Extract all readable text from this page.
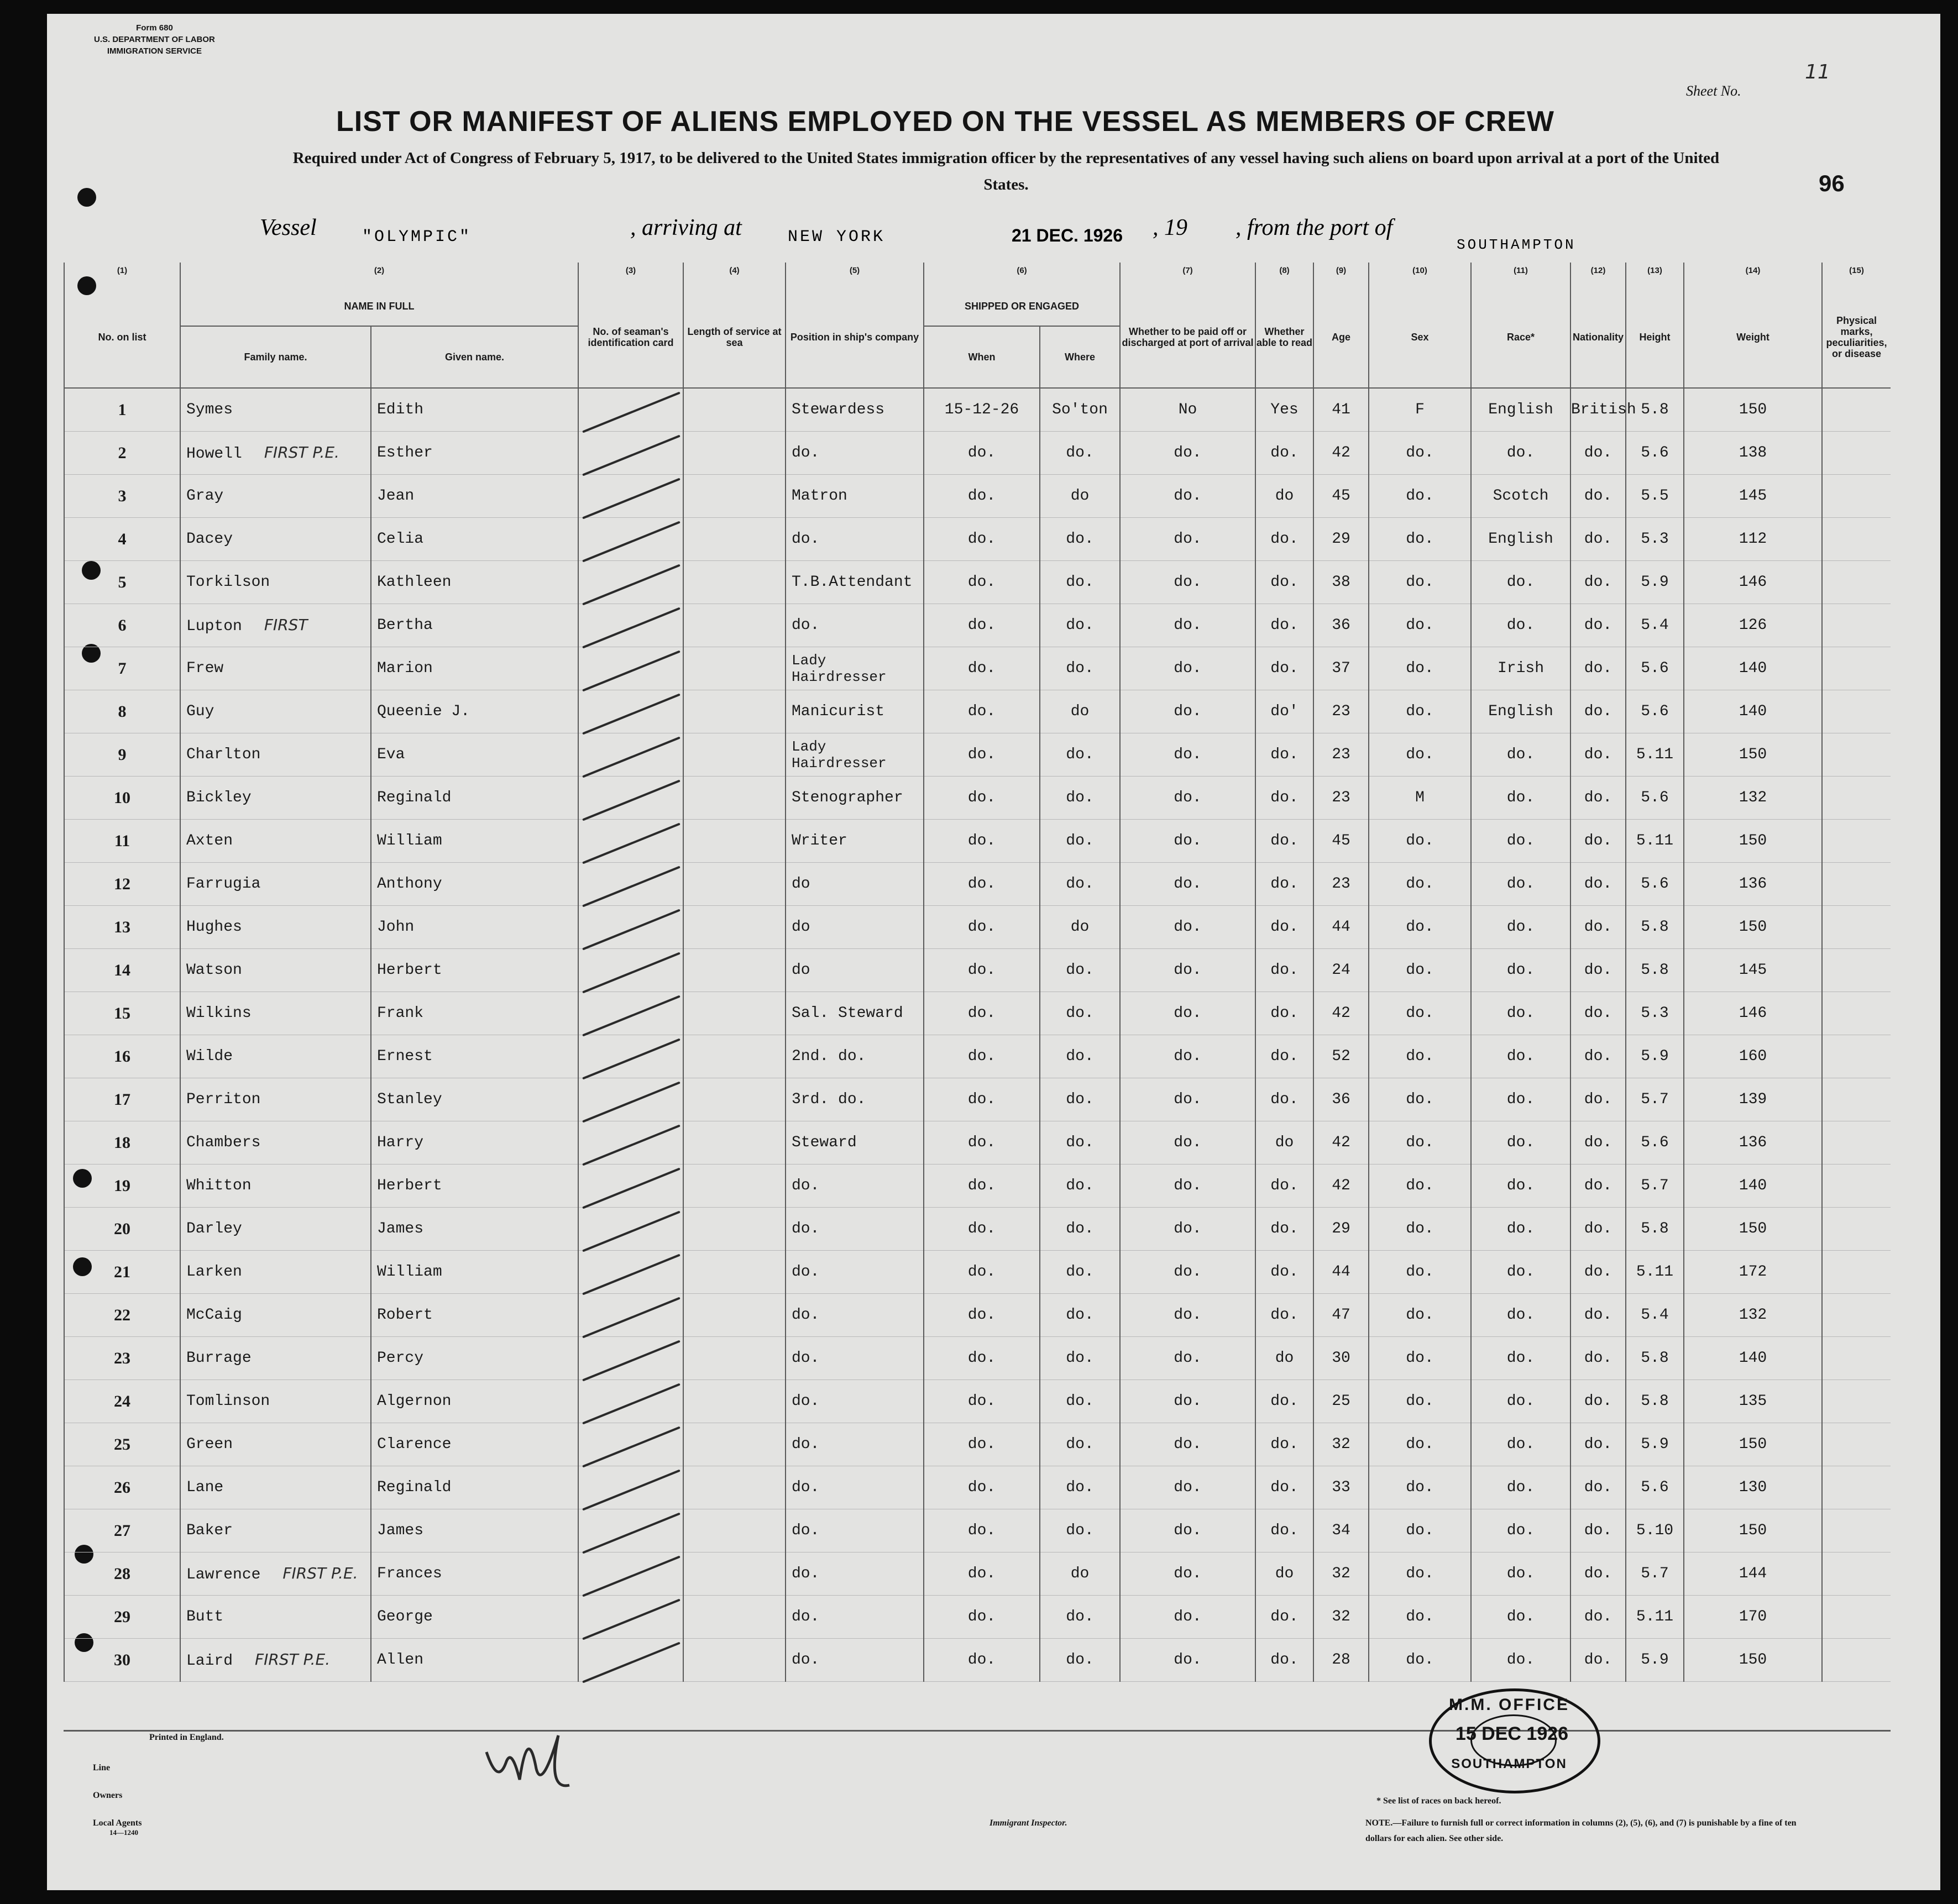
Form 680
U.S. DEPARTMENT OF LABOR
IMMIGRATION SERVICE
LIST OR MANIFEST OF ALIENS EMPLOYED ON THE VESSEL AS MEMBERS OF CREW
Required under Act of Congress of February 5, 1917, to be delivered to the United States immigration officer by the representatives of any vessel having such aliens on board upon arrival at a port of the United States.
Sheet No.
11
96
Vessel	"OLYMPIC"	, arriving at	NEW YORK	21 DEC. 1926 , 19 , from the port of
SOUTHAMPTON
(1)	(2)		(3)	(4)	(5)	(6)		(7)	(8)	(9)	(10)	(11)	(12)	(13)	(14)	(15)
No. on list	NAME IN FULL		No. of seaman's identification card	Length of service at sea	Position in ship's company	SHIPPED OR ENGAGED		Whether to be paid off or discharged at port of arrival	Whether able to read	Age	Sex	Race*	Nationality	Height	Weight	Physical marks, peculiarities, or disease
	Family name.	Given name.				When	Where									
1	Symes	Edith			Stewardess	15-12-26	So'ton	No	Yes	41	F	English	British	5.8	150	
2	Howell FIRST P.E.	Esther			do.	do.	do.	do.	do.	42	do.	do.	do.	5.6	138	
3	Gray	Jean			Matron	do.	do	do.	do	45	do.	Scotch	do.	5.5	145	
4	Dacey	Celia			do.	do.	do.	do.	do.	29	do.	English	do.	5.3	112	
5	Torkilson	Kathleen			T.B.Attendant	do.	do.	do.	do.	38	do.	do.	do.	5.9	146	
6	Lupton FIRST	Bertha			do.	do.	do.	do.	do.	36	do.	do.	do.	5.4	126	
7	Frew	Marion			Lady Hairdresser	do.	do.	do.	do.	37	do.	Irish	do.	5.6	140	
8	Guy	Queenie J.			Manicurist	do.	do	do.	do'	23	do.	English	do.	5.6	140	
9	Charlton	Eva			Lady Hairdresser	do.	do.	do.	do.	23	do.	do.	do.	5.11	150	
10	Bickley	Reginald			Stenographer	do.	do.	do.	do.	23	M	do.	do.	5.6	132	
11	Axten	William			Writer	do.	do.	do.	do.	45	do.	do.	do.	5.11	150	
12	Farrugia	Anthony			do	do.	do.	do.	do.	23	do.	do.	do.	5.6	136	
13	Hughes	John			do	do.	do	do.	do.	44	do.	do.	do.	5.8	150	
14	Watson	Herbert			do	do.	do.	do.	do.	24	do.	do.	do.	5.8	145	
15	Wilkins	Frank			Sal. Steward	do.	do.	do.	do.	42	do.	do.	do.	5.3	146	
16	Wilde	Ernest			2nd. do.	do.	do.	do.	do.	52	do.	do.	do.	5.9	160	
17	Perriton	Stanley			3rd. do.	do.	do.	do.	do.	36	do.	do.	do.	5.7	139	
18	Chambers	Harry			Steward	do.	do.	do.	do	42	do.	do.	do.	5.6	136	
19	Whitton	Herbert			do.	do.	do.	do.	do.	42	do.	do.	do.	5.7	140	
20	Darley	James			do.	do.	do.	do.	do.	29	do.	do.	do.	5.8	150	
21	Larken	William			do.	do.	do.	do.	do.	44	do.	do.	do.	5.11	172	
22	McCaig	Robert			do.	do.	do.	do.	do.	47	do.	do.	do.	5.4	132	
23	Burrage	Percy			do.	do.	do.	do.	do	30	do.	do.	do.	5.8	140	
24	Tomlinson	Algernon			do.	do.	do.	do.	do.	25	do.	do.	do.	5.8	135	
25	Green	Clarence			do.	do.	do.	do.	do.	32	do.	do.	do.	5.9	150	
26	Lane	Reginald			do.	do.	do.	do.	do.	33	do.	do.	do.	5.6	130	
27	Baker	James			do.	do.	do.	do.	do.	34	do.	do.	do.	5.10	150	
28	Lawrence FIRST P.E.	Frances			do.	do.	do	do.	do	32	do.	do.	do.	5.7	144	
29	Butt	George			do.	do.	do.	do.	do.	32	do.	do.	do.	5.11	170	
30	Laird FIRST P.E.	Allen			do.	do.	do.	do.	do.	28	do.	do.	do.	5.9	150	
Printed in England.
Line
Owners
Local Agents
14—1240
Immigrant Inspector.
* See list of races on back hereof.
NOTE.—Failure to furnish full or correct information in columns (2), (5), (6), and (7) is punishable by a fine of ten dollars for each alien. See other side.
M.M. OFFICE
15 DEC 1926
SOUTHAMPTON
